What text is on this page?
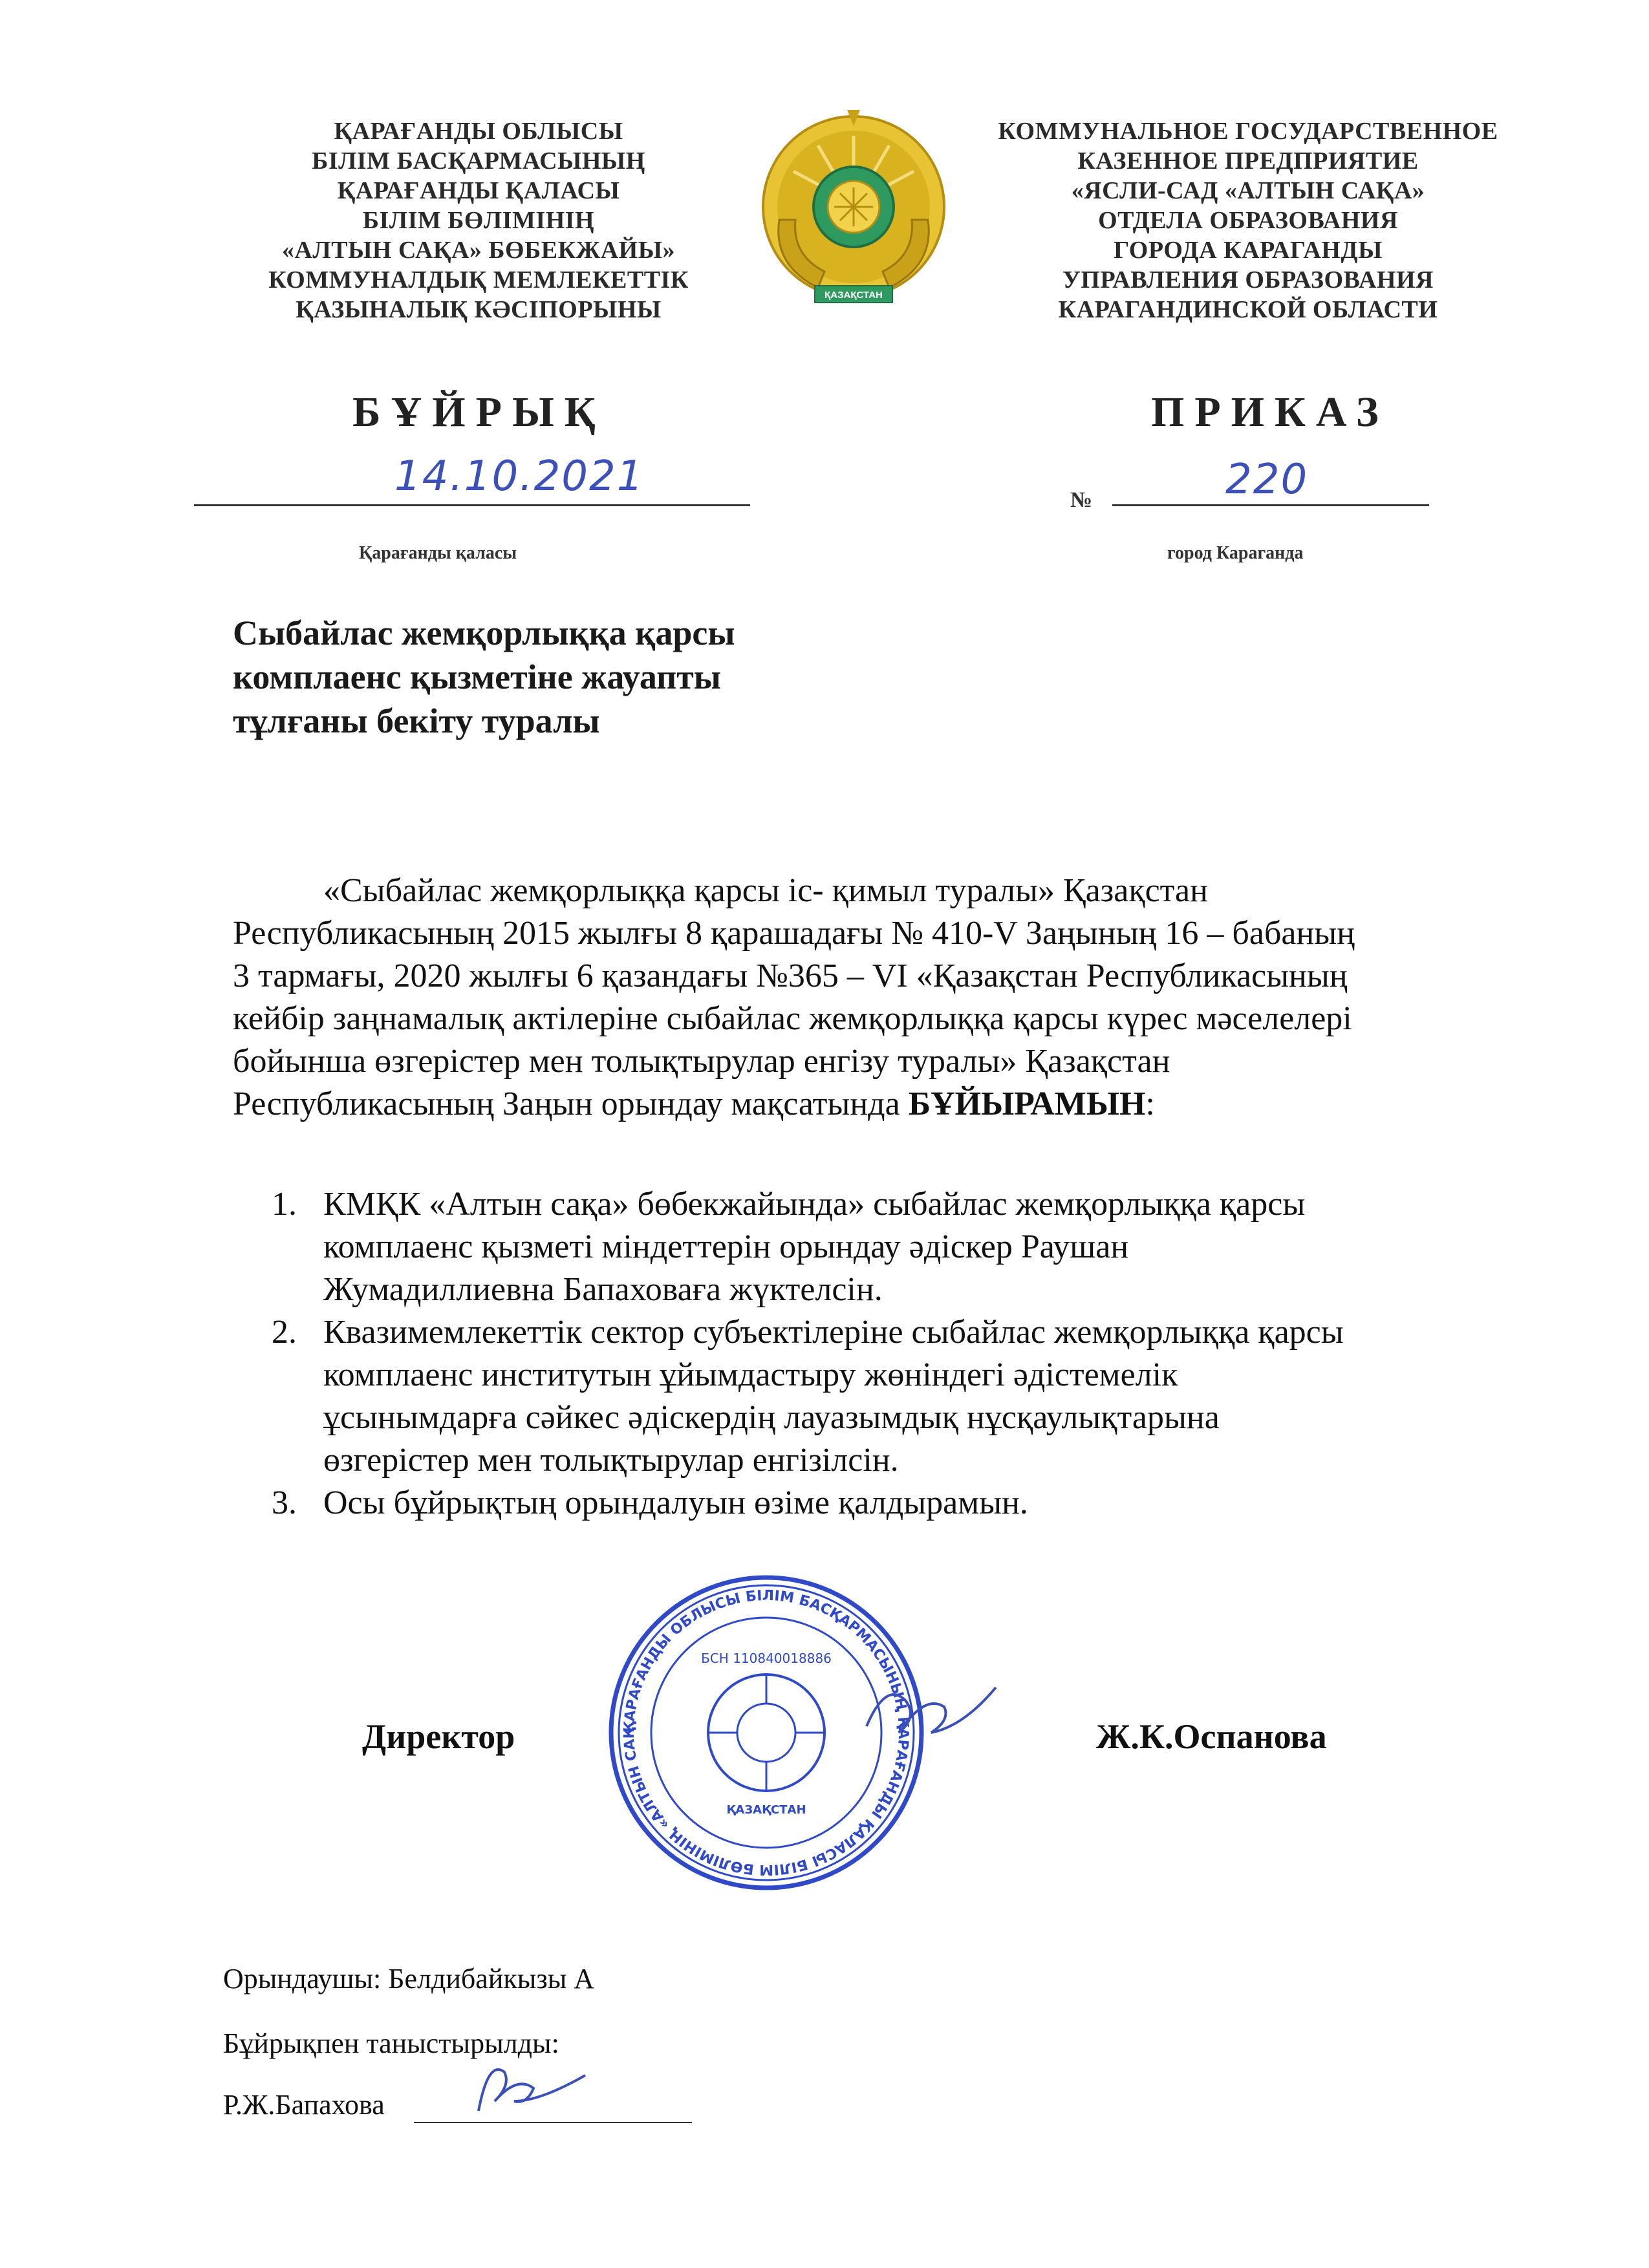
ҚАРАҒАНДЫ ОБЛЫСЫ
БІЛІМ БАСҚАРМАСЫНЫҢ
ҚАРАҒАНДЫ ҚАЛАСЫ
БІЛІМ БӨЛІМІНІҢ
«АЛТЫН САҚА» БӨБЕКЖАЙЫ»
КОММУНАЛДЫҚ МЕМЛЕКЕТТІК
ҚАЗЫНАЛЫҚ КӘСІПОРЫНЫ
ҚАЗАҚСТАН
КОММУНАЛЬНОЕ ГОСУДАРСТВЕННОЕ
КАЗЕННОЕ ПРЕДПРИЯТИЕ
«ЯСЛИ-САД «АЛТЫН САҚА»
ОТДЕЛА ОБРАЗОВАНИЯ
ГОРОДА КАРАГАНДЫ
УПРАВЛЕНИЯ ОБРАЗОВАНИЯ
КАРАГАНДИНСКОЙ ОБЛАСТИ
БҰЙРЫҚ	ПРИКАЗ
14.10.2021	№	220
Қарағанды қаласы	город Караганда
Сыбайлас жемқорлыққа қарсы
комплаенс қызметіне жауапты
тұлғаны бекіту туралы
«Сыбайлас жемқорлыққа қарсы іс- қимыл туралы» Қазақстан
Республикасының 2015 жылғы 8 қарашадағы № 410-V Заңының 16 – бабаның
3 тармағы, 2020 жылғы 6 қазандағы №365 – VI «Қазақстан Республикасының
кейбір заңнамалық актілеріне сыбайлас жемқорлыққа қарсы күрес мәселелері
бойынша өзгерістер мен толықтырулар енгізу туралы» Қазақстан
Республикасының Заңын орындау мақсатында БҰЙЫРАМЫН:
1. КМҚК «Алтын сақа» бөбекжайында» сыбайлас жемқорлыққа қарсы
комплаенс қызметі міндеттерін орындау әдіскер Раушан
Жумадиллиевна Бапаховаға жүктелсін.
2. Квазимемлекеттік сектор субъектілеріне сыбайлас жемқорлыққа қарсы
комплаенс институтын ұйымдастыру жөніндегі әдістемелік
ұсынымдарға сәйкес әдіскердің лауазымдық нұсқаулықтарына
өзгерістер мен толықтырулар енгізілсін.
3. Осы бұйрықтың орындалуын өзіме қалдырамын.
ҚАРАҒАНДЫ ОБЛЫСЫ БІЛІМ БАСҚАРМАСЫНЫҢ ҚАРАҒАНДЫ ҚАЛАСЫ БІЛІМ БӨЛІМІНІҢ «АЛТЫН САҚ
БСН 110840018886
ҚАЗАҚСТАН
Директор	Ж.К.Оспанова
Орындаушы: Белдибайкызы А
Бұйрықпен таныстырылды:
Р.Ж.Бапахова
